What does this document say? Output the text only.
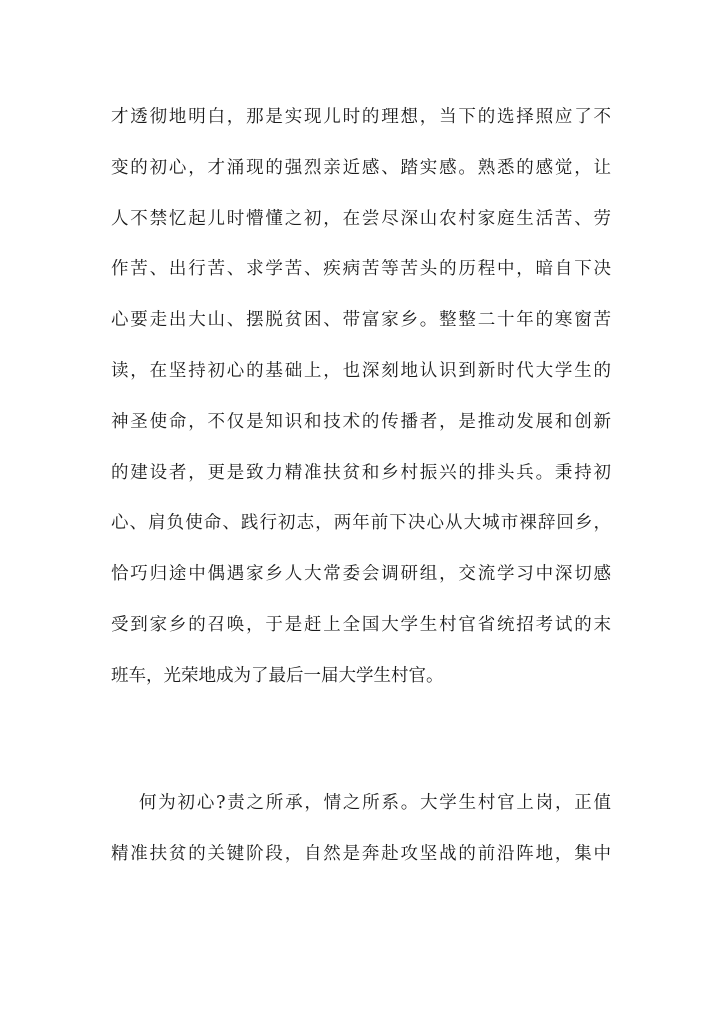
才透彻地明白，那是实现儿时的理想，当下的选择照应了不
变的初心，才涌现的强烈亲近感、踏实感。熟悉的感觉，让
人不禁忆起儿时懵懂之初，在尝尽深山农村家庭生活苦、劳
作苦、出行苦、求学苦、疾病苦等苦头的历程中，暗自下决
心要走出大山、摆脱贫困、带富家乡。整整二十年的寒窗苦
读，在坚持初心的基础上，也深刻地认识到新时代大学生的
神圣使命，不仅是知识和技术的传播者，是推动发展和创新
的建设者，更是致力精准扶贫和乡村振兴的排头兵。秉持初
心、肩负使命、践行初志，两年前下决心从大城市裸辞回乡，
恰巧归途中偶遇家乡人大常委会调研组，交流学习中深切感
受到家乡的召唤，于是赶上全国大学生村官省统招考试的末
班车，光荣地成为了最后一届大学生村官。
何为初心?责之所承，情之所系。大学生村官上岗，正值
精准扶贫的关键阶段，自然是奔赴攻坚战的前沿阵地，集中
